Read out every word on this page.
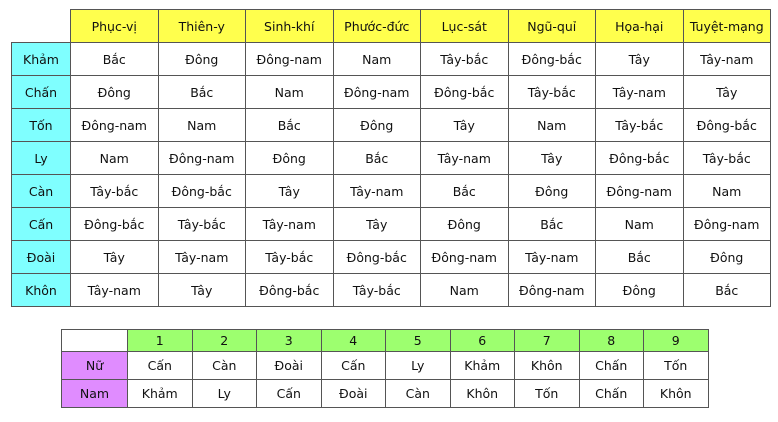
	Phục-vị	Thiên-y	Sinh-khí	Phước-đức	Lục-sát	Ngũ-quỉ	Họa-hại	Tuyệt-mạng
Khảm	Bắc	Đông	Đông-nam	Nam	Tây-bắc	Đông-bắc	Tây	Tây-nam
Chấn	Đông	Bắc	Nam	Đông-nam	Đông-bắc	Tây-bắc	Tây-nam	Tây
Tốn	Đông-nam	Nam	Bắc	Đông	Tây	Nam	Tây-bắc	Đông-bắc
Ly	Nam	Đông-nam	Đông	Bắc	Tây-nam	Tây	Đông-bắc	Tây-bắc
Càn	Tây-bắc	Đông-bắc	Tây	Tây-nam	Bắc	Đông	Đông-nam	Nam
Cấn	Đông-bắc	Tây-bắc	Tây-nam	Tây	Đông	Bắc	Nam	Đông-nam
Đoài	Tây	Tây-nam	Tây-bắc	Đông-bắc	Đông-nam	Tây-nam	Bắc	Đông
Khôn	Tây-nam	Tây	Đông-bắc	Tây-bắc	Nam	Đông-nam	Đông	Bắc
	1	2	3	4	5	6	7	8	9
Nữ	Cấn	Càn	Đoài	Cấn	Ly	Khảm	Khôn	Chấn	Tốn
Nam	Khảm	Ly	Cấn	Đoài	Càn	Khôn	Tốn	Chấn	Khôn
